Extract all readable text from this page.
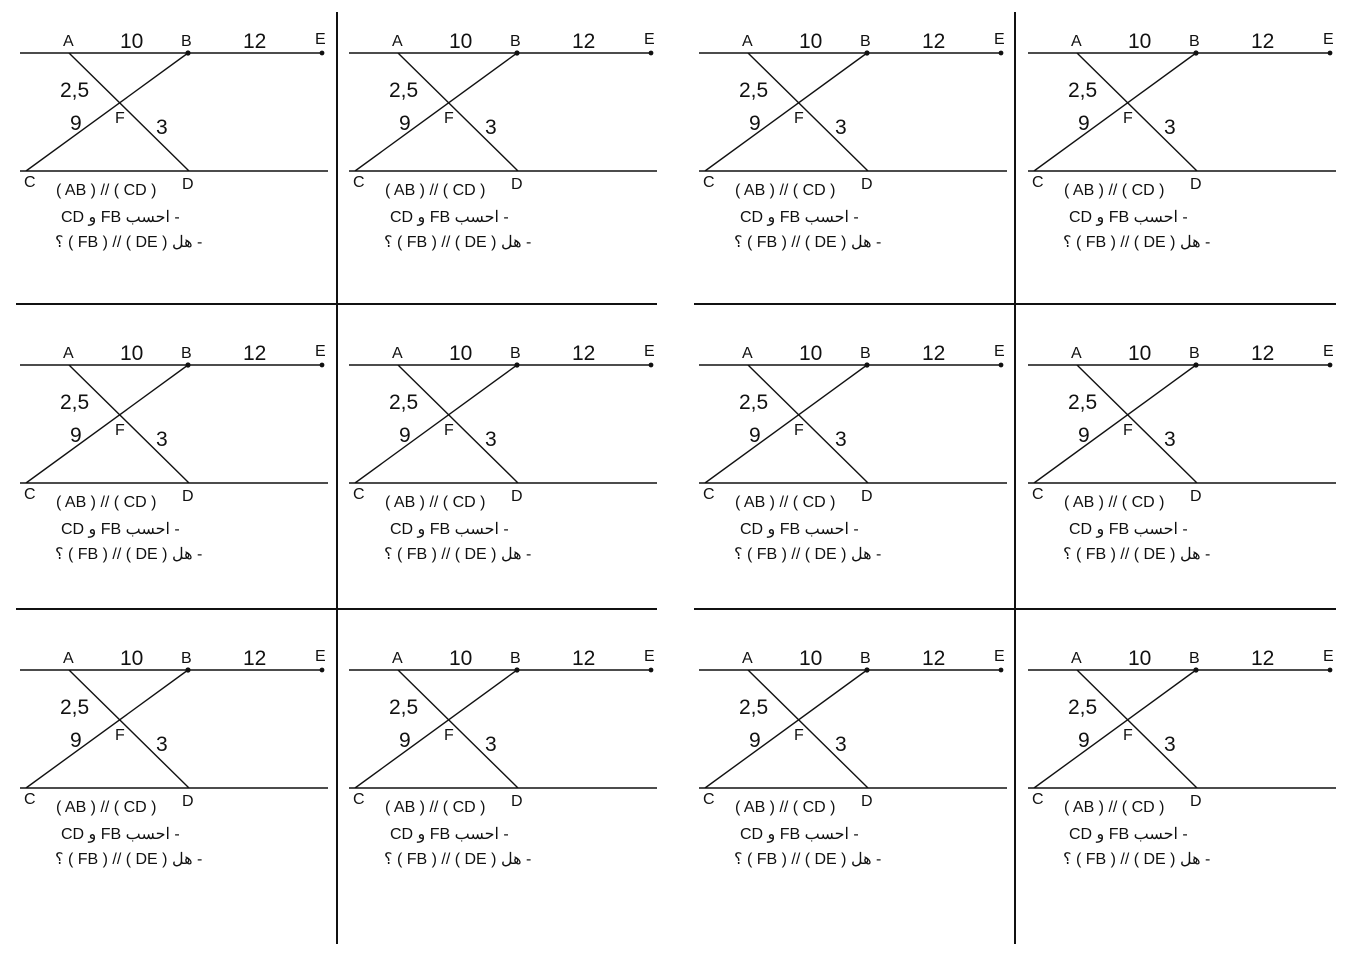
A	B	E
C	D
F
10	12
2,5
9	3
( AB ) // ( CD )
- احسب FB و CD
- هل ( DE ) // ( FB ) ؟
A	B	E
C	D
F
10	12
2,5
9	3
( AB ) // ( CD )
- احسب FB و CD
- هل ( DE ) // ( FB ) ؟
A	B	E
C	D
F
10	12
2,5
9	3
( AB ) // ( CD )
- احسب FB و CD
- هل ( DE ) // ( FB ) ؟
A	B	E
C	D
F
10	12
2,5
9	3
( AB ) // ( CD )
- احسب FB و CD
- هل ( DE ) // ( FB ) ؟
A	B	E
C	D
F
10	12
2,5
9	3
( AB ) // ( CD )
- احسب FB و CD
- هل ( DE ) // ( FB ) ؟
A	B	E
C	D
F
10	12
2,5
9	3
( AB ) // ( CD )
- احسب FB و CD
- هل ( DE ) // ( FB ) ؟
A	B	E
C	D
F
10	12
2,5
9	3
( AB ) // ( CD )
- احسب FB و CD
- هل ( DE ) // ( FB ) ؟
A	B	E
C	D
F
10	12
2,5
9	3
( AB ) // ( CD )
- احسب FB و CD
- هل ( DE ) // ( FB ) ؟
A	B	E
C	D
F
10	12
2,5
9	3
( AB ) // ( CD )
- احسب FB و CD
- هل ( DE ) // ( FB ) ؟
A	B	E
C	D
F
10	12
2,5
9	3
( AB ) // ( CD )
- احسب FB و CD
- هل ( DE ) // ( FB ) ؟
A	B	E
C	D
F
10	12
2,5
9	3
( AB ) // ( CD )
- احسب FB و CD
- هل ( DE ) // ( FB ) ؟
A	B	E
C	D
F
10	12
2,5
9	3
( AB ) // ( CD )
- احسب FB و CD
- هل ( DE ) // ( FB ) ؟
